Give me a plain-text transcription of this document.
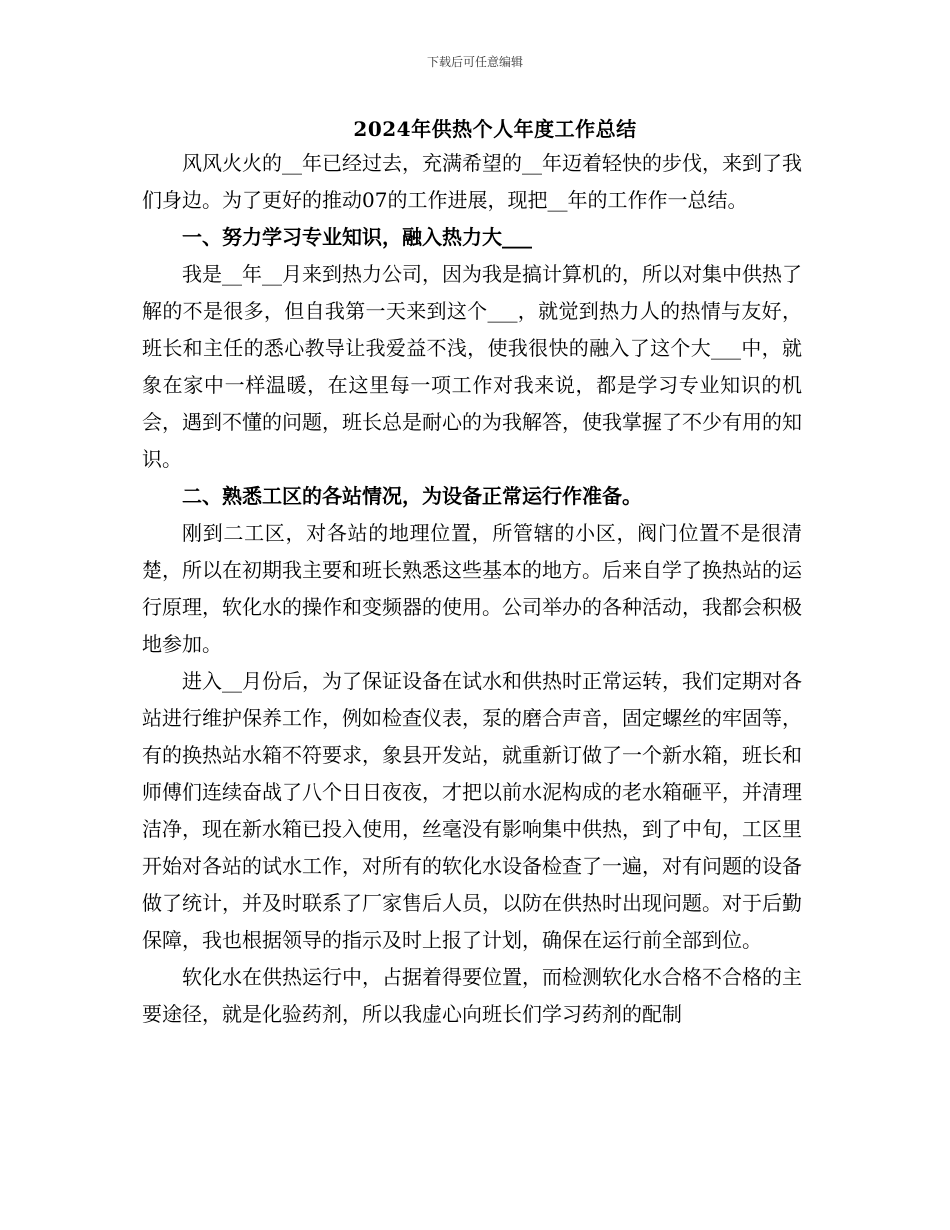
下载后可任意编辑
2024年供热个人年度工作总结

风风火火的__年已经过去，充满希望的__年迈着轻快的步伐，来到了我们身边。为了更好的推动07的工作进展，现把__年的工作作一总结。

一、努力学习专业知识，融入热力大___

我是__年__月来到热力公司，因为我是搞计算机的，所以对集中供热了解的不是很多，但自我第一天来到这个___，就觉到热力人的热情与友好，班长和主任的悉心教导让我爱益不浅，使我很快的融入了这个大___中，就象在家中一样温暖，在这里每一项工作对我来说，都是学习专业知识的机会，遇到不懂的问题，班长总是耐心的为我解答，使我掌握了不少有用的知识。

二、熟悉工区的各站情况，为设备正常运行作准备。

刚到二工区，对各站的地理位置，所管辖的小区，阀门位置不是很清楚，所以在初期我主要和班长熟悉这些基本的地方。后来自学了换热站的运行原理，软化水的操作和变频器的使用。公司举办的各种活动，我都会积极地参加。

进入__月份后，为了保证设备在试水和供热时正常运转，我们定期对各站进行维护保养工作，例如检查仪表，泵的磨合声音，固定螺丝的牢固等，有的换热站水箱不符要求，象县开发站，就重新订做了一个新水箱，班长和师傅们连续奋战了八个日日夜夜，才把以前水泥构成的老水箱砸平，并清理洁净，现在新水箱已投入使用，丝毫没有影响集中供热，到了中旬，工区里开始对各站的试水工作，对所有的软化水设备检查了一遍，对有问题的设备做了统计，并及时联系了厂家售后人员，以防在供热时出现问题。对于后勤保障，我也根据领导的指示及时上报了计划，确保在运行前全部到位。

软化水在供热运行中，占据着得要位置，而检测软化水合格不合格的主要途径，就是化验药剂，所以我虚心向班长们学习药剂的配制
